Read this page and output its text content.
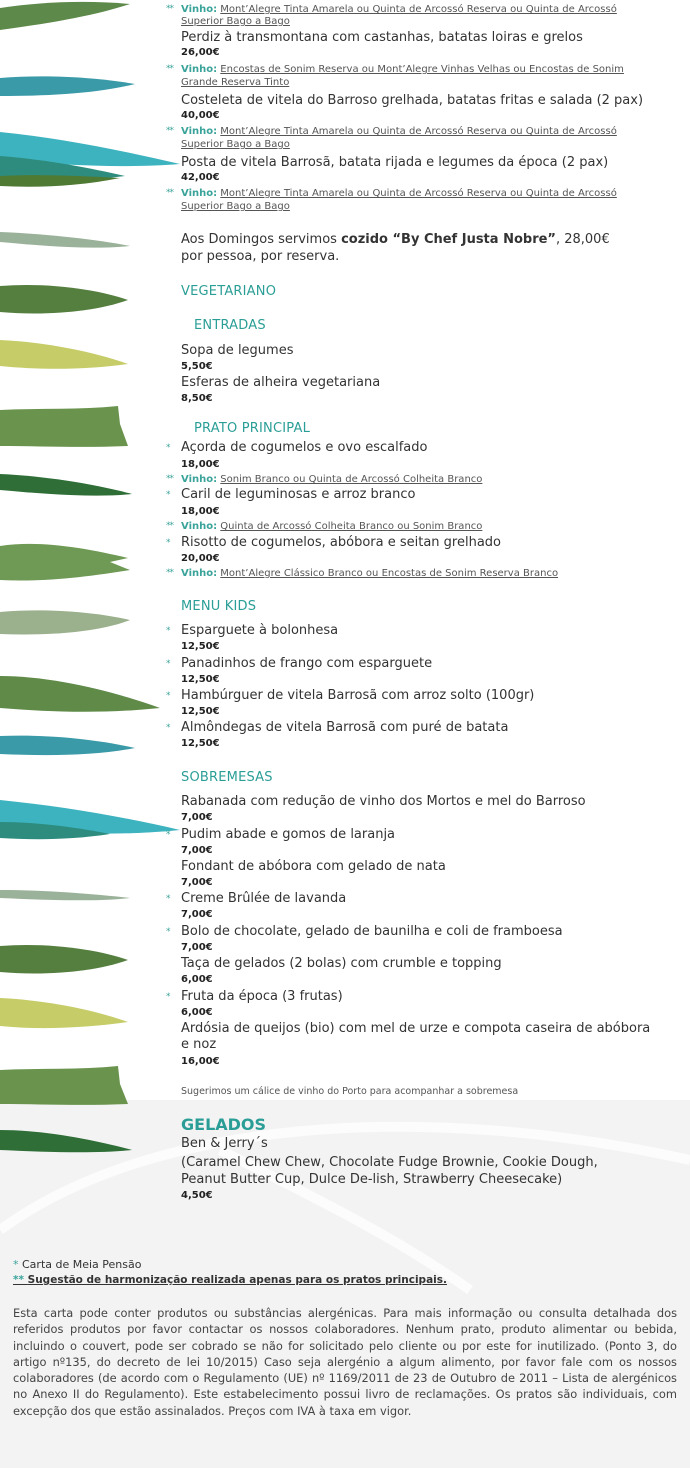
** Vinho: Mont’Alegre Tinta Amarela ou Quinta de Arcossó Reserva ou Quinta de Arcossó
Superior Bago a Bago
Perdiz à transmontana com castanhas, batatas loiras e grelos
26,00€
** Vinho: Encostas de Sonim Reserva ou Mont’Alegre Vinhas Velhas ou Encostas de Sonim
Grande Reserva Tinto
Costeleta de vitela do Barroso grelhada, batatas fritas e salada (2 pax)
40,00€
** Vinho: Mont’Alegre Tinta Amarela ou Quinta de Arcossó Reserva ou Quinta de Arcossó
Superior Bago a Bago
Posta de vitela Barrosã, batata rijada e legumes da época (2 pax)
42,00€
** Vinho: Mont’Alegre Tinta Amarela ou Quinta de Arcossó Reserva ou Quinta de Arcossó
Superior Bago a Bago
Aos Domingos servimos cozido “By Chef Justa Nobre”, 28,00€
por pessoa, por reserva.
VEGETARIANO
ENTRADAS
Sopa de legumes
5,50€
Esferas de alheira vegetariana
8,50€
PRATO PRINCIPAL
* Açorda de cogumelos e ovo escalfado
18,00€
** Vinho: Sonim Branco ou Quinta de Arcossó Colheita Branco
* Caril de leguminosas e arroz branco
18,00€
** Vinho: Quinta de Arcossó Colheita Branco ou Sonim Branco
* Risotto de cogumelos, abóbora e seitan grelhado
20,00€
** Vinho: Mont’Alegre Clássico Branco ou Encostas de Sonim Reserva Branco
MENU KIDS
* Esparguete à bolonhesa
12,50€
* Panadinhos de frango com esparguete
12,50€
* Hambúrguer de vitela Barrosã com arroz solto (100gr)
12,50€
* Almôndegas de vitela Barrosã com puré de batata
12,50€
SOBREMESAS
Rabanada com redução de vinho dos Mortos e mel do Barroso
7,00€
* Pudim abade e gomos de laranja
7,00€
Fondant de abóbora com gelado de nata
7,00€
* Creme Brûlée de lavanda
7,00€
* Bolo de chocolate, gelado de baunilha e coli de framboesa
7,00€
Taça de gelados (2 bolas) com crumble e topping
6,00€
* Fruta da época (3 frutas)
6,00€
Ardósia de queijos (bio) com mel de urze e compota caseira de abóbora
e noz
16,00€
Sugerimos um cálice de vinho do Porto para acompanhar a sobremesa
GELADOS
Ben & Jerry´s
(Caramel Chew Chew, Chocolate Fudge Brownie, Cookie Dough,
Peanut Butter Cup, Dulce De-lish, Strawberry Cheesecake)
4,50€
* Carta de Meia Pensão
** Sugestão de harmonização realizada apenas para os pratos principais.
Esta carta pode conter produtos ou substâncias alergénicas. Para mais informação ou consulta detalhada dos referidos produtos por favor contactar os nossos colaboradores. Nenhum prato, produto alimentar ou bebida, incluindo o couvert, pode ser cobrado se não for solicitado pelo cliente ou por este for inutilizado. (Ponto 3, do artigo nº135, do decreto de lei 10/2015) Caso seja alergénio a algum alimento, por favor fale com os nossos colaboradores (de acordo com o Regulamento (UE) nº 1169/2011 de 23 de Outubro de 2011 – Lista de alergénicos no Anexo II do Regulamento). Este estabelecimento possui livro de reclamações. Os pratos são individuais, com excepção dos que estão assinalados. Preços com IVA à taxa em vigor.
